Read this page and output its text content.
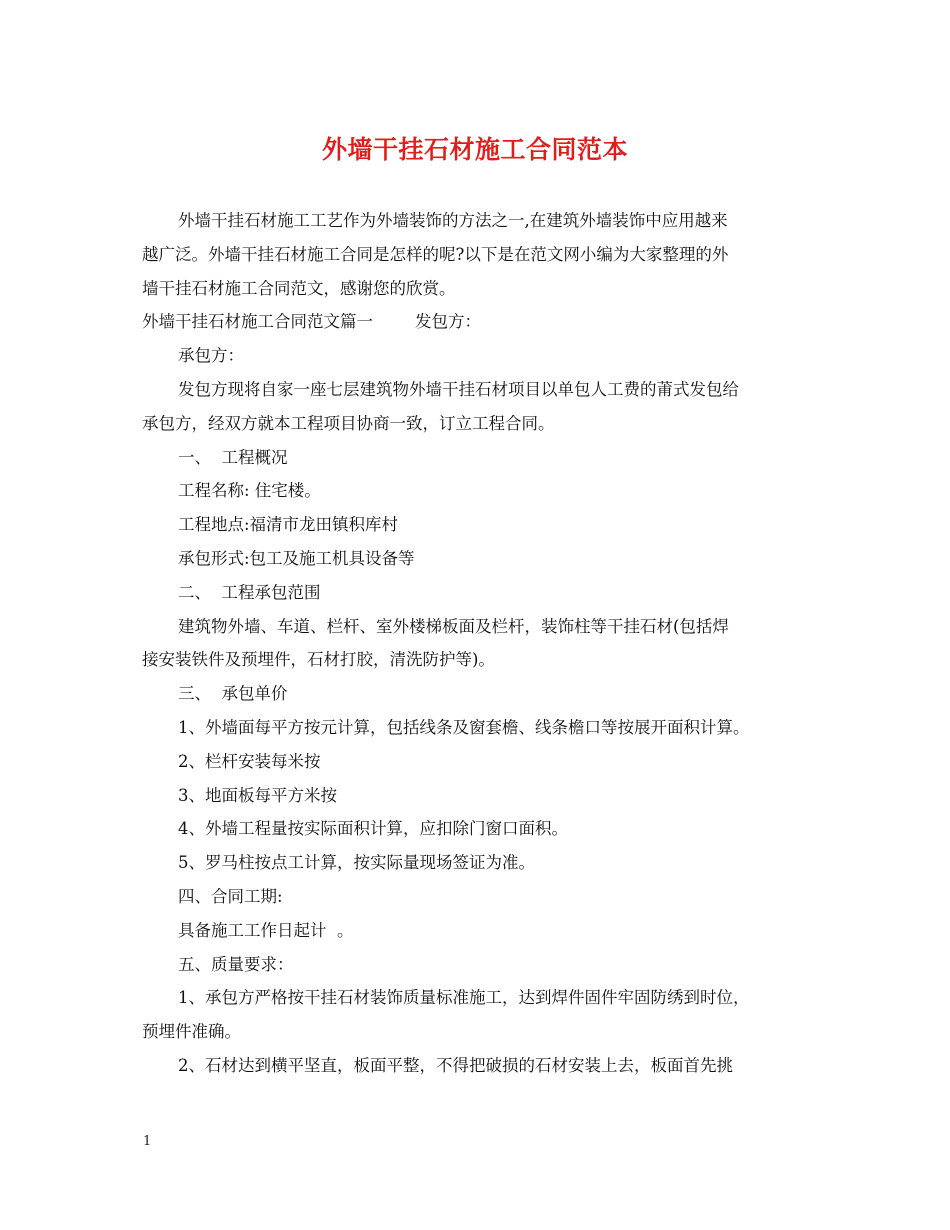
外墙干挂石材施工合同范本

外墙干挂石材施工工艺作为外墙装饰的方法之一,在建筑外墙装饰中应用越来

越广泛。外墙干挂石材施工合同是怎样的呢?以下是在范文网小编为大家整理的外

墙干挂石材施工合同范文，感谢您的欣赏。

外墙干挂石材施工合同范文篇一        发包方：

承包方：

发包方现将自家一座七层建筑物外墙干挂石材项目以单包人工费的莆式发包给

承包方，经双方就本工程项目协商一致，订立工程合同。

一、  工程概况

工程名称: 住宅楼。

工程地点:福清市龙田镇积库村

承包形式:包工及施工机具设备等

二、  工程承包范围

建筑物外墙、车道、栏杆、室外楼梯板面及栏杆，装饰柱等干挂石材(包括焊

接安装铁件及预埋件，石材打胶，清洗防护等)。

三、  承包单价

1、外墙面每平方按元计算，包括线条及窗套檐、线条檐口等按展开面积计算。

2、栏杆安装每米按

3、地面板每平方米按

4、外墙工程量按实际面积计算，应扣除门窗口面积。

5、罗马柱按点工计算，按实际量现场签证为准。

四、合同工期:

具备施工工作日起计  。

五、质量要求：

1、承包方严格按干挂石材装饰质量标准施工，达到焊件固件牢固防绣到时位，

预埋件准确。

2、石材达到横平坚直，板面平整，不得把破损的石材安装上去，板面首先挑

1
